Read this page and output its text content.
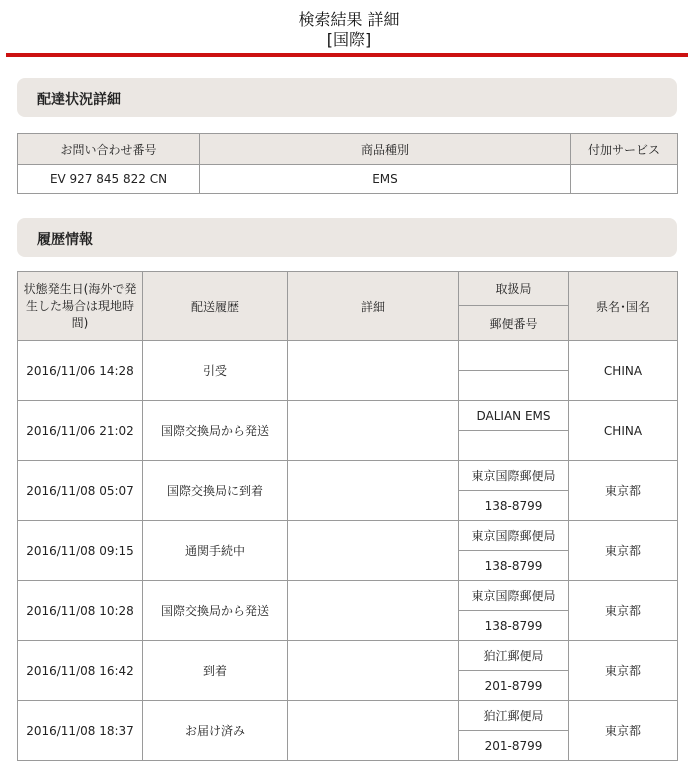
検索結果 詳細
[国際]
配達状況詳細
お問い合わせ番号	商品種別	付加サービス
EV 927 845 822 CN	EMS	
履歴情報
状態発生日(海外で発生した場合は現地時間)	配送履歴	詳細	取扱局	県名･国名
			郵便番号	
2016/11/06 14:28	引受			CHINA

2016/11/06 21:02	国際交換局から発送		DALIAN EMS	CHINA

2016/11/08 05:07	国際交換局に到着		東京国際郵便局	東京都
			138-8799	
2016/11/08 09:15	通関手続中		東京国際郵便局	東京都
			138-8799	
2016/11/08 10:28	国際交換局から発送		東京国際郵便局	東京都
			138-8799	
2016/11/08 16:42	到着		狛江郵便局	東京都
			201-8799	
2016/11/08 18:37	お届け済み		狛江郵便局	東京都
			201-8799	
